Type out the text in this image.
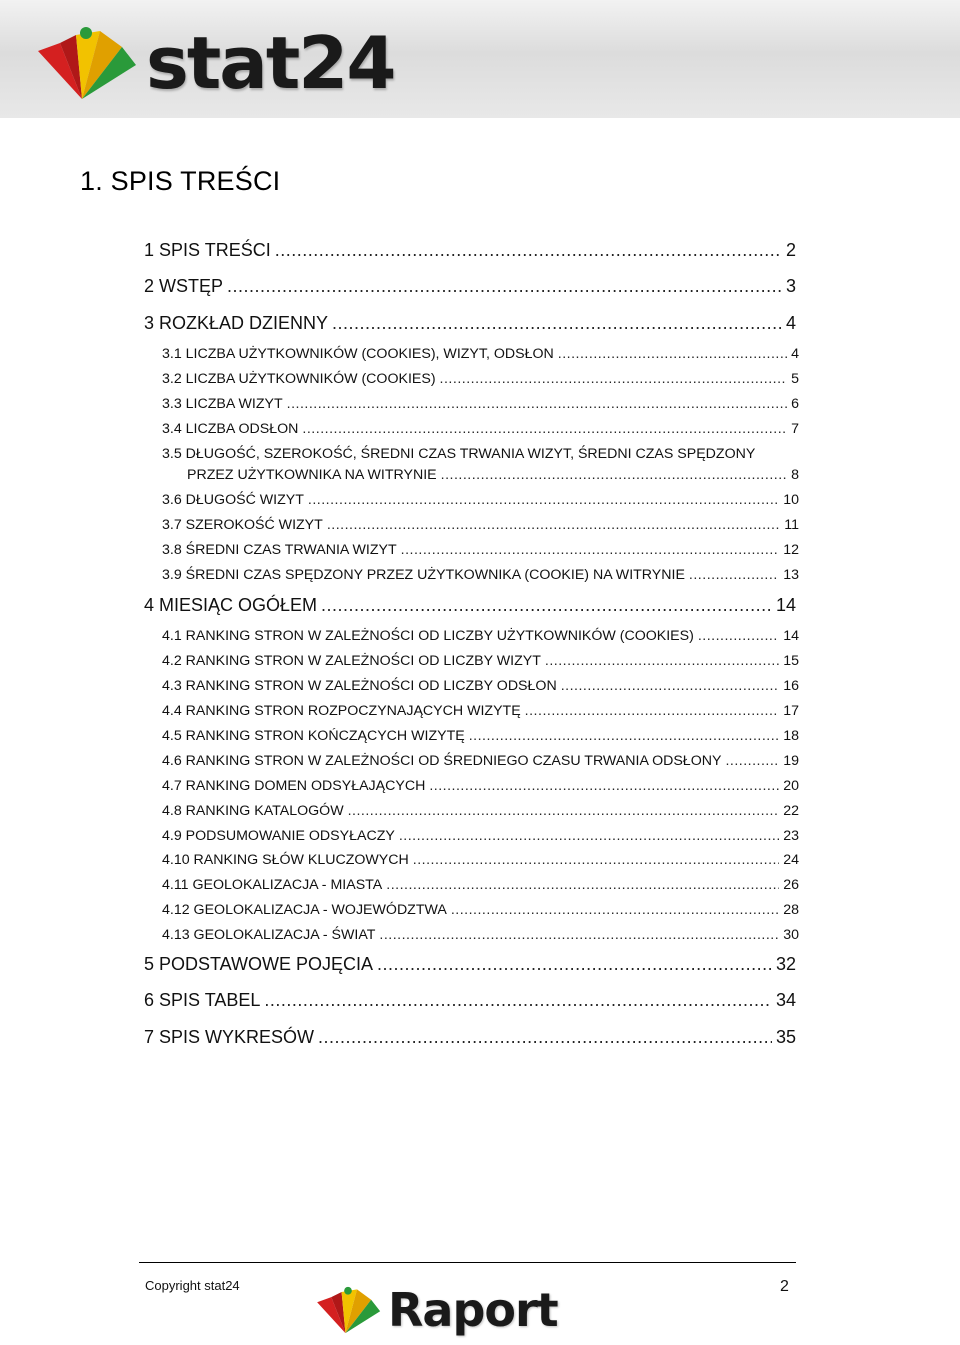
stat24
1. SPIS TREŚCI
1 SPIS TREŚCI .....	2
2 WSTĘP .....	3
3 ROZKŁAD DZIENNY .....	4
3.1 LICZBA UŻYTKOWNIKÓW (COOKIES), WIZYT, ODSŁON .....	4
3.2 LICZBA UŻYTKOWNIKÓW (COOKIES) .....	5
3.3 LICZBA WIZYT .....	6
3.4 LICZBA ODSŁON .....	7
3.5 DŁUGOŚĆ, SZEROKOŚĆ, ŚREDNI CZAS TRWANIA WIZYT, ŚREDNI CZAS SPĘDZONY
PRZEZ UŻYTKOWNIKA NA WITRYNIE .....	8
3.6 DŁUGOŚĆ WIZYT .....	10
3.7 SZEROKOŚĆ WIZYT .....	11
3.8 ŚREDNI CZAS TRWANIA WIZYT .....	12
3.9 ŚREDNI CZAS SPĘDZONY PRZEZ UŻYTKOWNIKA (COOKIE) NA WITRYNIE .....	13
4 MIESIĄC OGÓŁEM .....	14
4.1 RANKING STRON W ZALEŻNOŚCI OD LICZBY UŻYTKOWNIKÓW (COOKIES) .....	14
4.2 RANKING STRON W ZALEŻNOŚCI OD LICZBY WIZYT .....	15
4.3 RANKING STRON W ZALEŻNOŚCI OD LICZBY ODSŁON .....	16
4.4 RANKING STRON ROZPOCZYNAJĄCYCH WIZYTĘ .....	17
4.5 RANKING STRON KOŃCZĄCYCH WIZYTĘ .....	18
4.6 RANKING STRON W ZALEŻNOŚCI OD ŚREDNIEGO CZASU TRWANIA ODSŁONY .....	19
4.7 RANKING DOMEN ODSYŁAJĄCYCH .....	20
4.8 RANKING KATALOGÓW .....	22
4.9 PODSUMOWANIE ODSYŁACZY .....	23
4.10 RANKING SŁÓW KLUCZOWYCH .....	24
4.11 GEOLOKALIZACJA - MIASTA .....	26
4.12 GEOLOKALIZACJA - WOJEWÓDZTWA .....	28
4.13 GEOLOKALIZACJA - ŚWIAT .....	30
5 PODSTAWOWE POJĘCIA .....	32
6 SPIS TABEL .....	34
7 SPIS WYKRESÓW .....	35
Copyright stat24	2
Raport
